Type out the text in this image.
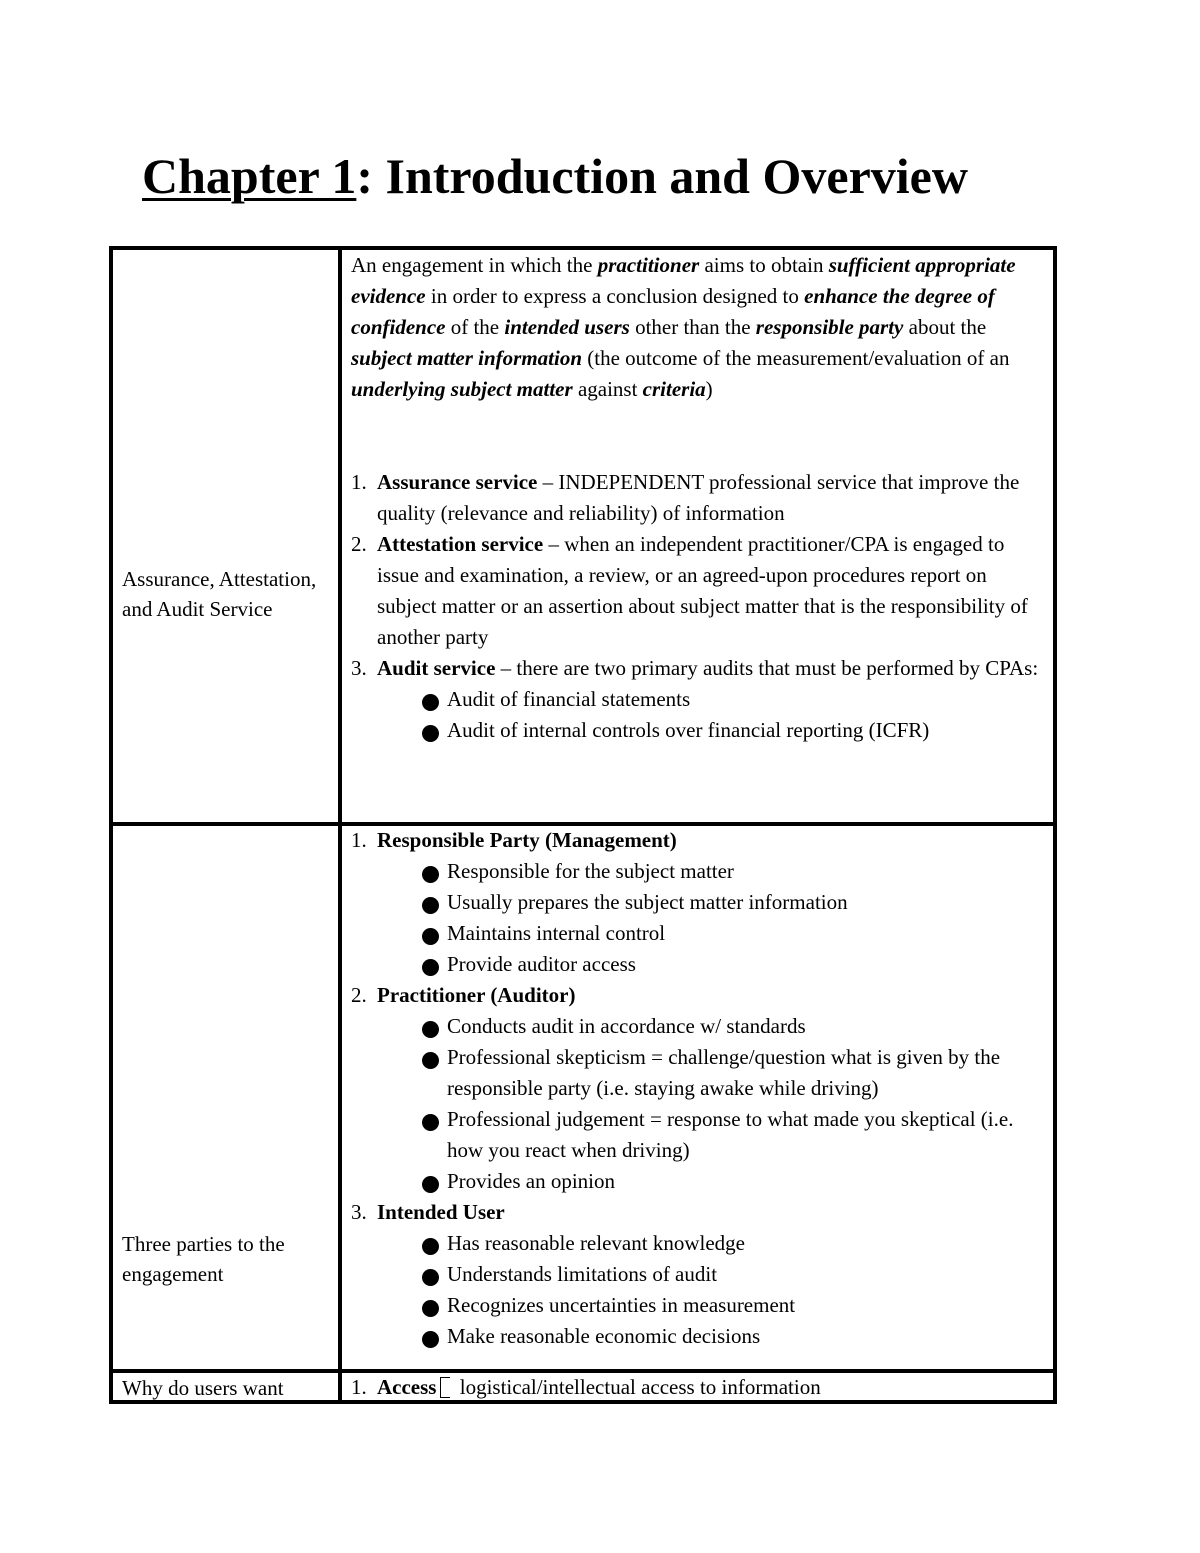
Chapter 1: Introduction and Overview
Assurance, Attestation, and Audit Service

An engagement in which the practitioner aims to obtain sufficient appropriate evidence in order to express a conclusion designed to enhance the degree of confidence of the intended users other than the responsible party about the subject matter information (the outcome of the measurement/evaluation of an underlying subject matter against criteria)

1. Assurance service – INDEPENDENT professional service that improve the quality (relevance and reliability) of information
2. Attestation service – when an independent practitioner/CPA is engaged to issue and examination, a review, or an agreed-upon procedures report on subject matter or an assertion about subject matter that is the responsibility of another party
3. Audit service – there are two primary audits that must be performed by CPAs:
Audit of financial statements
Audit of internal controls over financial reporting (ICFR)
Three parties to the engagement
1. Responsible Party (Management)
Responsible for the subject matter
Usually prepares the subject matter information
Maintains internal control
Provide auditor access
2. Practitioner (Auditor)
Conducts audit in accordance w/ standards
Professional skepticism = challenge/question what is given by the responsible party (i.e. staying awake while driving)
Professional judgement = response to what made you skeptical (i.e. how you react when driving)
Provides an opinion
3. Intended User
Has reasonable relevant knowledge
Understands limitations of audit
Recognizes uncertainties in measurement
Make reasonable economic decisions
Why do users want	1. Access logistical/intellectual access to information
